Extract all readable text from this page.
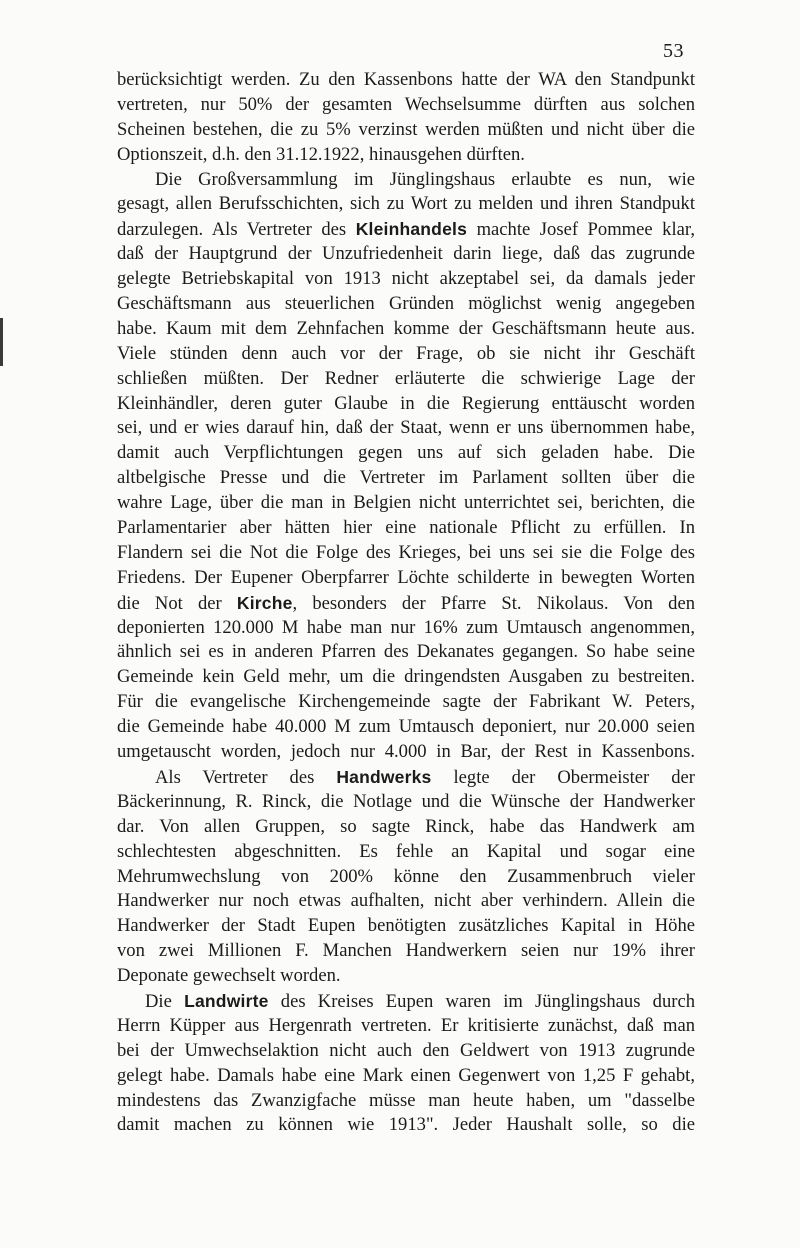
53
berücksichtigt werden. Zu den Kassenbons hatte der WA den Standpunkt
vertreten, nur 50% der gesamten Wechselsumme dürften aus solchen
Scheinen bestehen, die zu 5% verzinst werden müßten und nicht über die
Optionszeit, d.h. den 31.12.1922, hinausgehen dürften.
Die Großversammlung im Jünglingshaus erlaubte es nun, wie
gesagt, allen Berufsschichten, sich zu Wort zu melden und ihren Standpukt
darzulegen. Als Vertreter des Kleinhandels machte Josef Pommee klar,
daß der Hauptgrund der Unzufriedenheit darin liege, daß das zugrunde
gelegte Betriebskapital von 1913 nicht akzeptabel sei, da damals jeder
Geschäftsmann aus steuerlichen Gründen möglichst wenig angegeben
habe. Kaum mit dem Zehnfachen komme der Geschäftsmann heute aus.
Viele stünden denn auch vor der Frage, ob sie nicht ihr Geschäft
schließen müßten. Der Redner erläuterte die schwierige Lage der
Kleinhändler, deren guter Glaube in die Regierung enttäuscht worden
sei, und er wies darauf hin, daß der Staat, wenn er uns übernommen habe,
damit auch Verpflichtungen gegen uns auf sich geladen habe. Die
altbelgische Presse und die Vertreter im Parlament sollten über die
wahre Lage, über die man in Belgien nicht unterrichtet sei, berichten, die
Parlamentarier aber hätten hier eine nationale Pflicht zu erfüllen. In
Flandern sei die Not die Folge des Krieges, bei uns sei sie die Folge des
Friedens. Der Eupener Oberpfarrer Löchte schilderte in bewegten Worten
die Not der Kirche, besonders der Pfarre St. Nikolaus. Von den
deponierten 120.000 M habe man nur 16% zum Umtausch angenommen,
ähnlich sei es in anderen Pfarren des Dekanates gegangen. So habe seine
Gemeinde kein Geld mehr, um die dringendsten Ausgaben zu bestreiten.
Für die evangelische Kirchengemeinde sagte der Fabrikant W. Peters,
die Gemeinde habe 40.000 M zum Umtausch deponiert, nur 20.000 seien
umgetauscht worden, jedoch nur 4.000 in Bar, der Rest in Kassenbons.
Als Vertreter des Handwerks legte der Obermeister der
Bäckerinnung, R. Rinck, die Notlage und die Wünsche der Handwerker
dar. Von allen Gruppen, so sagte Rinck, habe das Handwerk am
schlechtesten abgeschnitten. Es fehle an Kapital und sogar eine
Mehrumwechslung von 200% könne den Zusammenbruch vieler
Handwerker nur noch etwas aufhalten, nicht aber verhindern. Allein die
Handwerker der Stadt Eupen benötigten zusätzliches Kapital in Höhe
von zwei Millionen F. Manchen Handwerkern seien nur 19% ihrer
Deponate gewechselt worden.
Die Landwirte des Kreises Eupen waren im Jünglingshaus durch
Herrn Küpper aus Hergenrath vertreten. Er kritisierte zunächst, daß man
bei der Umwechselaktion nicht auch den Geldwert von 1913 zugrunde
gelegt habe. Damals habe eine Mark einen Gegenwert von 1,25 F gehabt,
mindestens das Zwanzigfache müsse man heute haben, um "dasselbe
damit machen zu können wie 1913". Jeder Haushalt solle, so die
